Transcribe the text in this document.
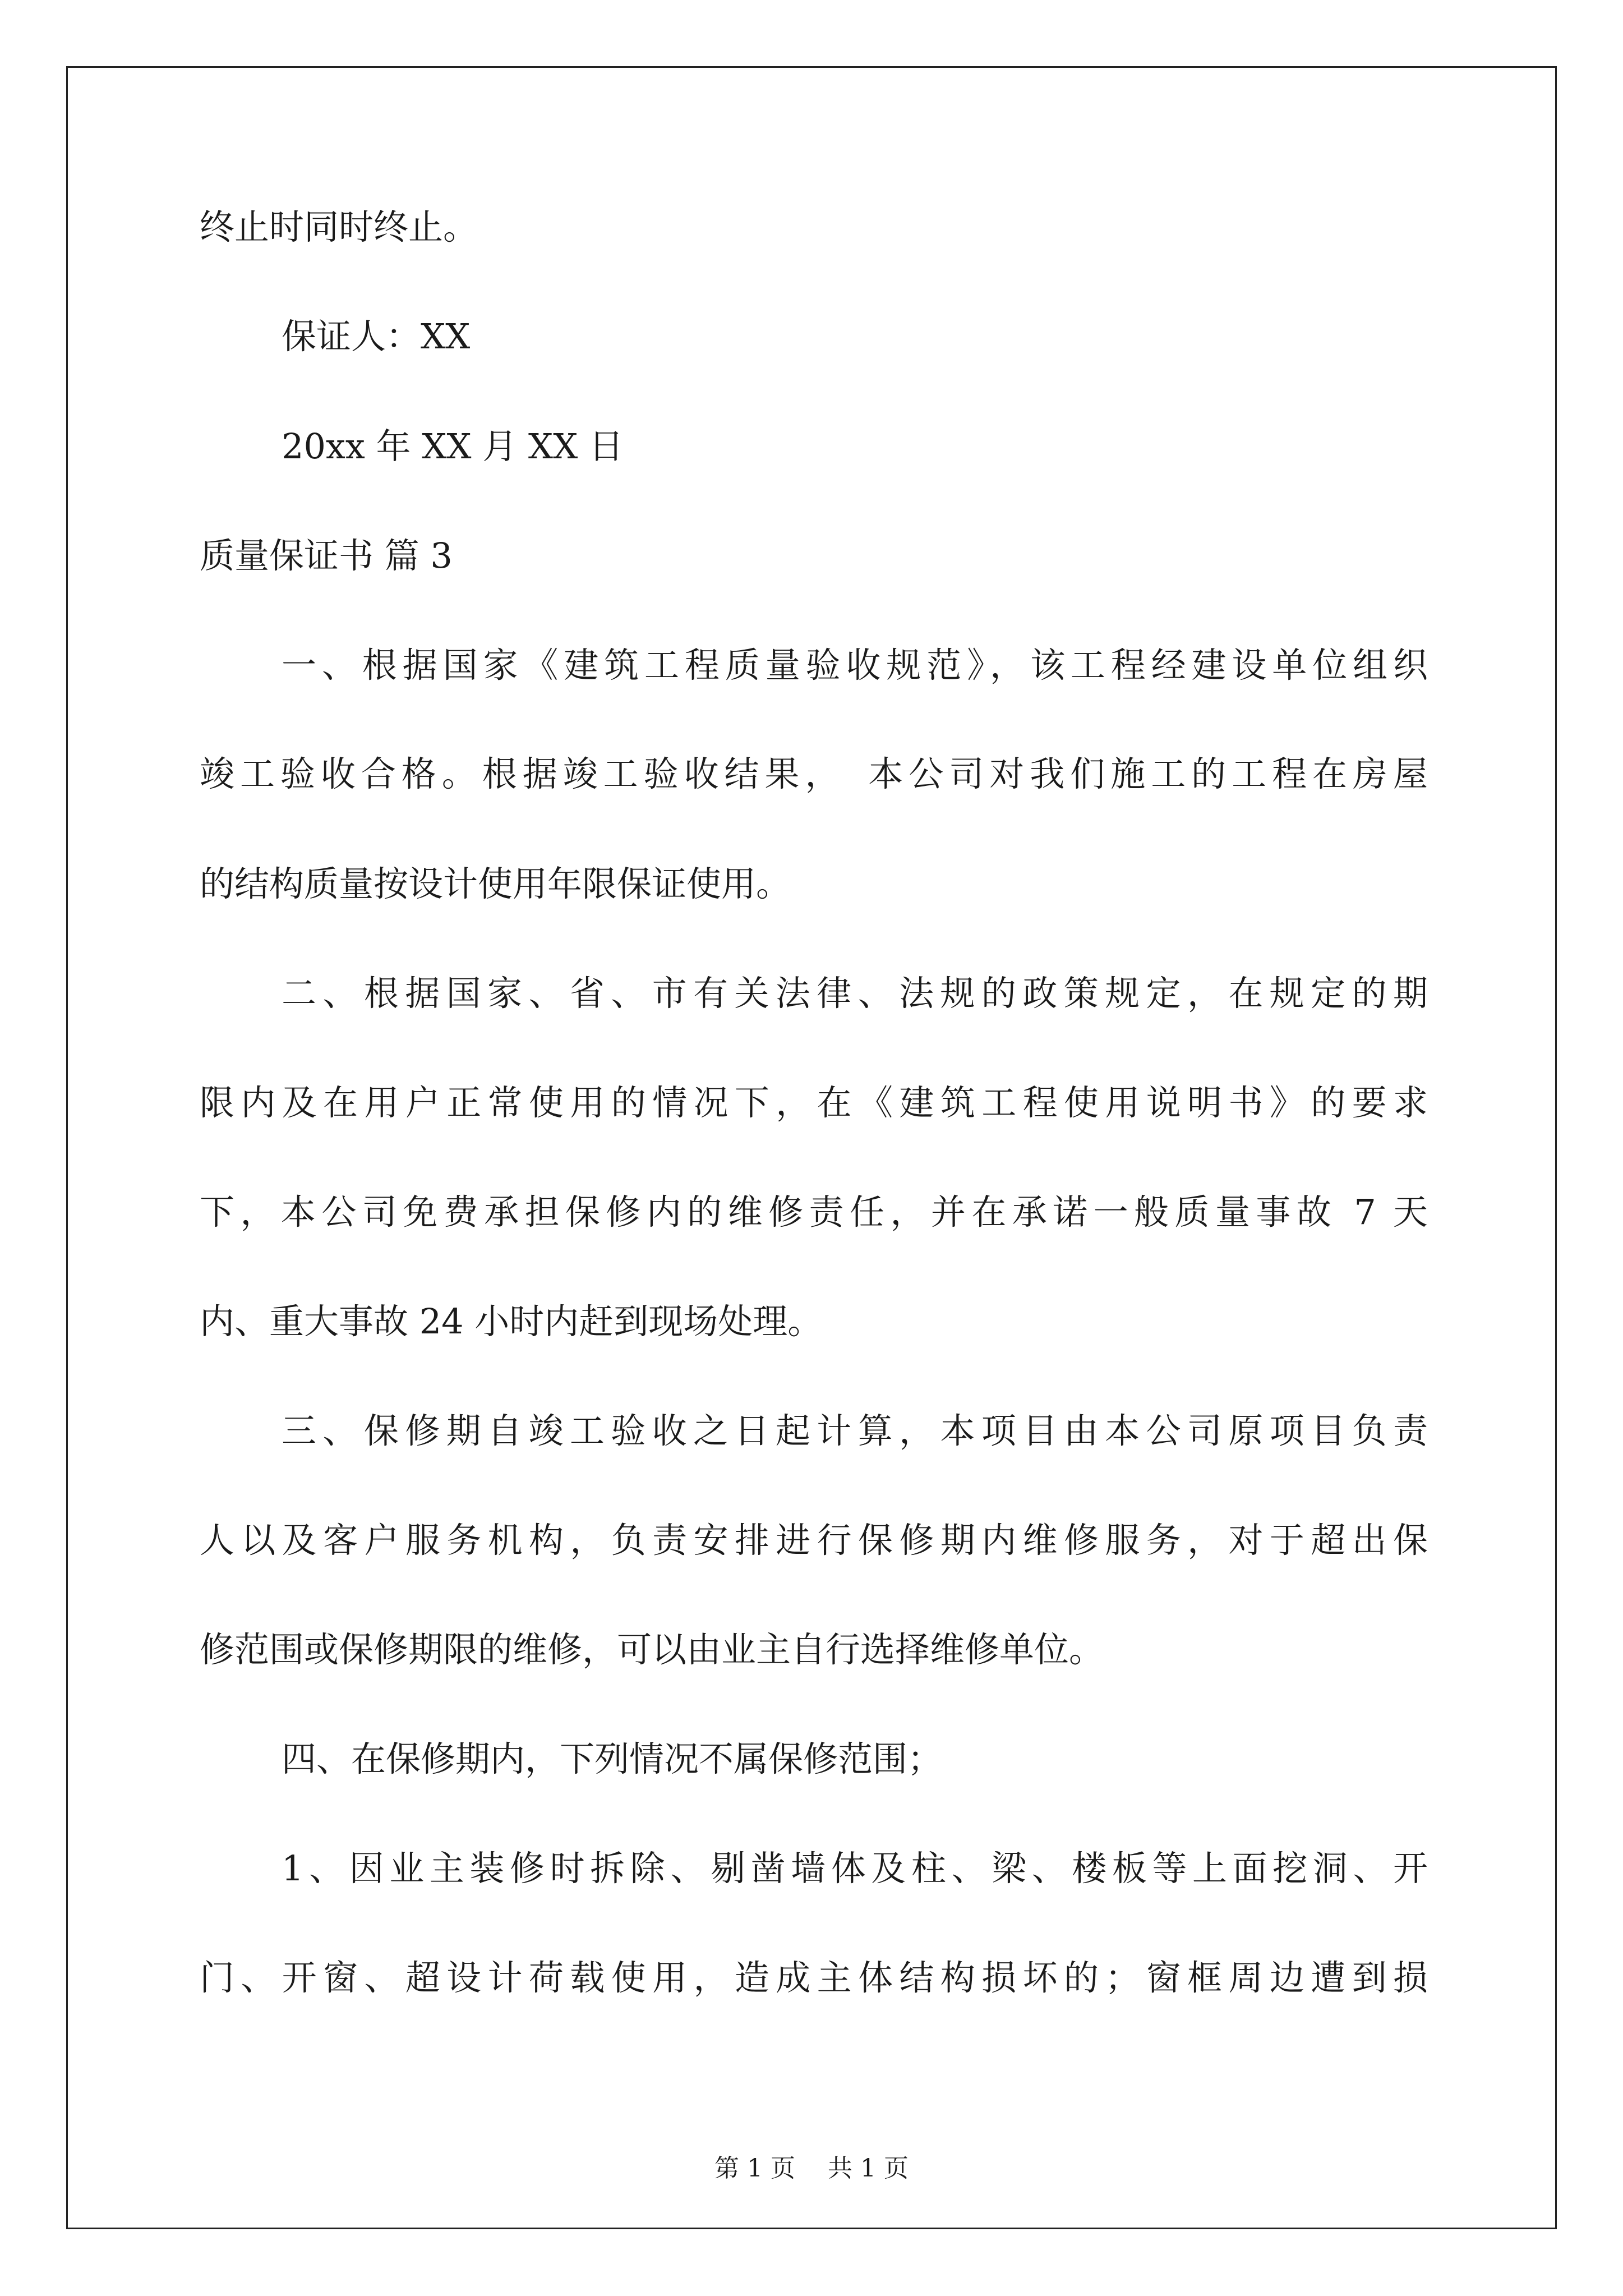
终止时同时终止。
保证人：XX
20xx 年 XX 月 XX 日
质量保证书 篇 3
一、根据国家《建筑工程质量验收规范》，该工程经建设单位组织
竣工验收合格。根据竣工验收结果，　本公司对我们施工的工程在房屋
的结构质量按设计使用年限保证使用。
二、根据国家、省、市有关法律、法规的政策规定，在规定的期
限内及在用户正常使用的情况下，在《建筑工程使用说明书》的要求
下，本公司免费承担保修内的维修责任，并在承诺一般质量事故 7 天
内、重大事故 24 小时内赶到现场处理。
三、保修期自竣工验收之日起计算，本项目由本公司原项目负责
人以及客户服务机构，负责安排进行保修期内维修服务，对于超出保
修范围或保修期限的维修，可以由业主自行选择维修单位。
四、在保修期内，下列情况不属保修范围；
1、因业主装修时拆除、剔凿墙体及柱、梁、楼板等上面挖洞、开
门、开窗、超设计荷载使用，造成主体结构损坏的；窗框周边遭到损
第 1 页　 共 1 页
